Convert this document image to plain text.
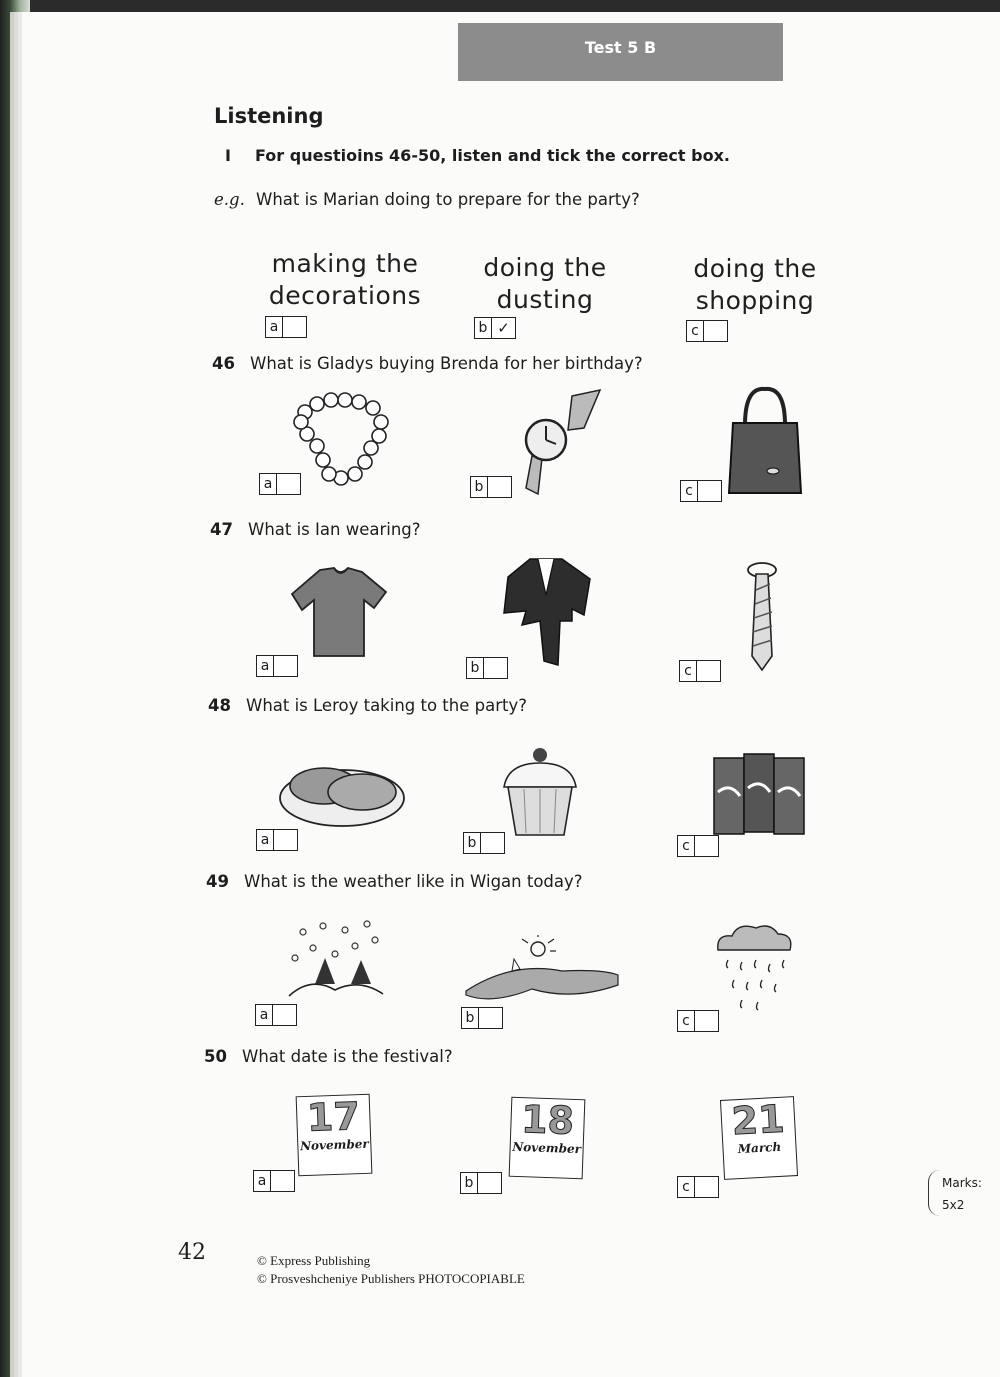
Test 5 B
Listening
I For questioins 46-50, listen and tick the correct box.
e.g. What is Marian doing to prepare for the party?
making the
decorations
doing the
dusting
doing the
shopping
a	b ✓	c
46 What is Gladys buying Brenda for her birthday?
a	b	c
47 What is Ian wearing?
a	b	c
48 What is Leroy taking to the party?
a	b	c
49 What is the weather like in Wigan today?
a	b	c
50 What date is the festival?
17
November
18
November
21
March
a	b	c	Marks:
5x2
42	© Express Publishing
© Prosveshcheniye Publishers PHOTOCOPIABLE
